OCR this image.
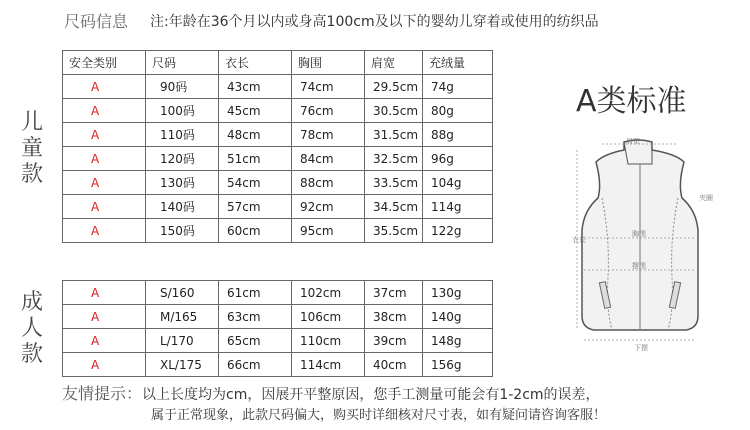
尺码信息 注:年龄在36个月以内或身高100cm及以下的婴幼儿穿着或使用的纺织品
儿
童
款
安全类别	尺码	衣长	胸围	肩宽	充绒量
A	90码	43cm	74cm	29.5cm	74g
A	100码	45cm	76cm	30.5cm	80g
A	110码	48cm	78cm	31.5cm	88g
A	120码	51cm	84cm	32.5cm	96g
A	130码	54cm	88cm	33.5cm	104g
A	140码	57cm	92cm	34.5cm	114g
A	150码	60cm	95cm	35.5cm	122g
成
人
款
A	S/160	61cm	102cm	37cm	130g
A	M/165	63cm	106cm	38cm	140g
A	L/170	65cm	110cm	39cm	148g
A	XL/175	66cm	114cm	40cm	156g
A类标准
肩宽
衣长
胸围
摆围
下摆
夹圈
友情提示：以上长度均为cm，因展开平整原因，您手工测量可能会有1-2cm的误差，
属于正常现象，此款尺码偏大，购买时详细核对尺寸表，如有疑问请咨询客服！
